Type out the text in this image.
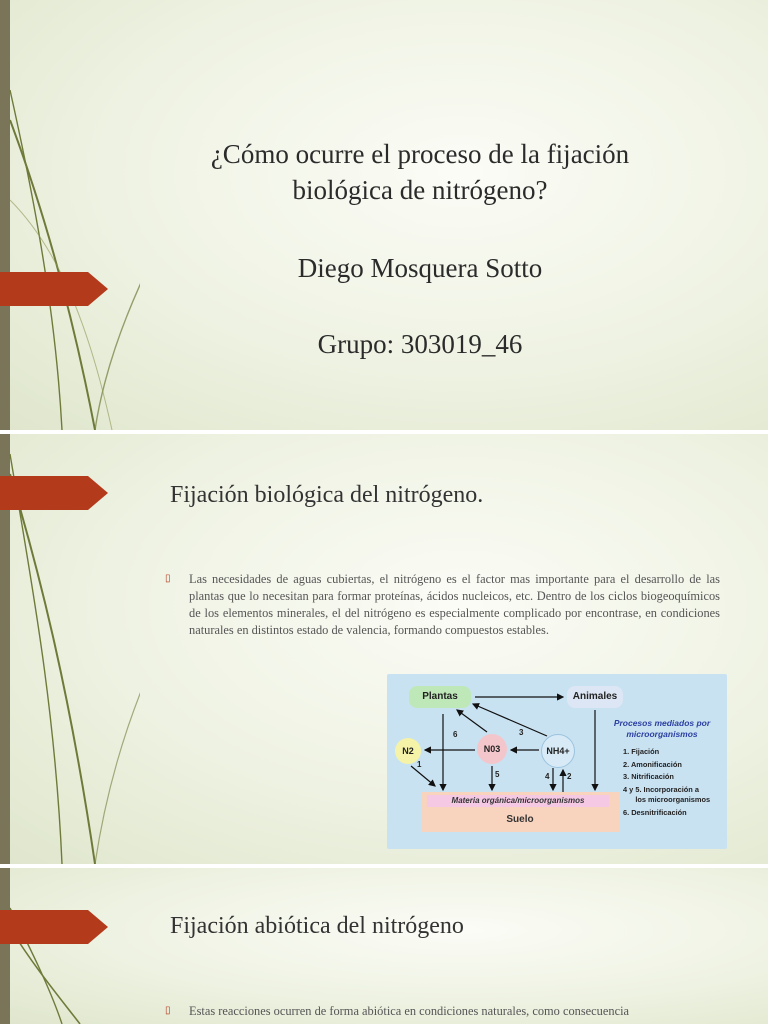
¿Cómo ocurre el proceso de la fijación
biológica de nitrógeno?
Diego Mosquera Sotto
Grupo: 303019_46
Fijación biológica del nitrógeno.
▯	Las necesidades de aguas cubiertas, el nitrógeno es el factor mas importante para el desarrollo de las plantas que lo necesitan para formar proteínas, ácidos nucleicos, etc. Dentro de los ciclos biogeoquímicos de los elementos minerales, el del nitrógeno es especialmente complicado por encontrase, en condiciones naturales en distintos estado de valencia, formando compuestos estables.
Plantas	Animales
N2	N03	NH4+
Materia orgánica/microorganismos
Suelo
6	3
1
5	4 2
Procesos mediados por microorganismos
1. Fijación
2. Amonificación
3. Nitrificación
4 y 5. Incorporación a
los microorganismos
6. Desnitrificación
Fijación abiótica del nitrógeno
▯	Estas reacciones ocurren de forma abiótica en condiciones naturales, como consecuencia
